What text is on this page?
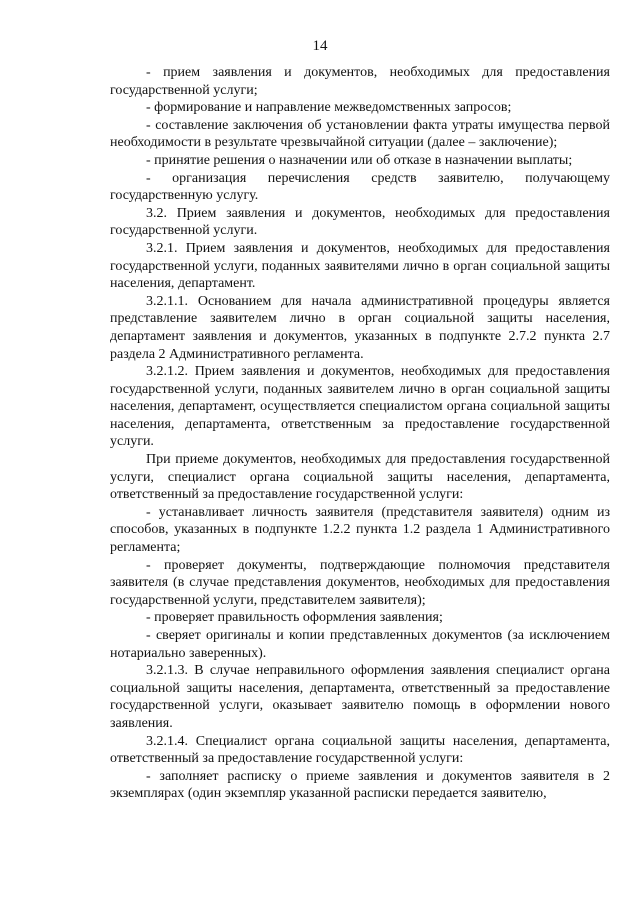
14

- прием заявления и документов, необходимых для предоставления государственной услуги;

- формирование и направление межведомственных запросов;

- составление заключения об установлении факта утраты имущества первой необходимости в результате чрезвычайной ситуации (далее – заключение);

- принятие решения о назначении или об отказе в назначении выплаты;

- организация перечисления средств заявителю, получающему государственную услугу.

3.2. Прием заявления и документов, необходимых для предоставления государственной услуги.

3.2.1. Прием заявления и документов, необходимых для предоставления государственной услуги, поданных заявителями лично в орган социальной защиты населения, департамент.

3.2.1.1. Основанием для начала административной процедуры является представление заявителем лично в орган социальной защиты населения, департамент заявления и документов, указанных в подпункте 2.7.2 пункта 2.7 раздела 2 Административного регламента.

3.2.1.2. Прием заявления и документов, необходимых для предоставления государственной услуги, поданных заявителем лично в орган социальной защиты населения, департамент, осуществляется специалистом органа социальной защиты населения, департамента, ответственным за предоставление государственной услуги.

При приеме документов, необходимых для предоставления государственной услуги, специалист органа социальной защиты населения, департамента, ответственный за предоставление государственной услуги:

- устанавливает личность заявителя (представителя заявителя) одним из способов, указанных в подпункте 1.2.2 пункта 1.2 раздела 1 Административного регламента;

- проверяет документы, подтверждающие полномочия представителя заявителя (в случае представления документов, необходимых для предоставления государственной услуги, представителем заявителя);

- проверяет правильность оформления заявления;

- сверяет оригиналы и копии представленных документов (за исключением нотариально заверенных).

3.2.1.3. В случае неправильного оформления заявления специалист органа социальной защиты населения, департамента, ответственный за предоставление государственной услуги, оказывает заявителю помощь в оформлении нового заявления.

3.2.1.4. Специалист органа социальной защиты населения, департамента, ответственный за предоставление государственной услуги:

- заполняет расписку о приеме заявления и документов заявителя в 2 экземплярах (один экземпляр указанной расписки передается заявителю,
